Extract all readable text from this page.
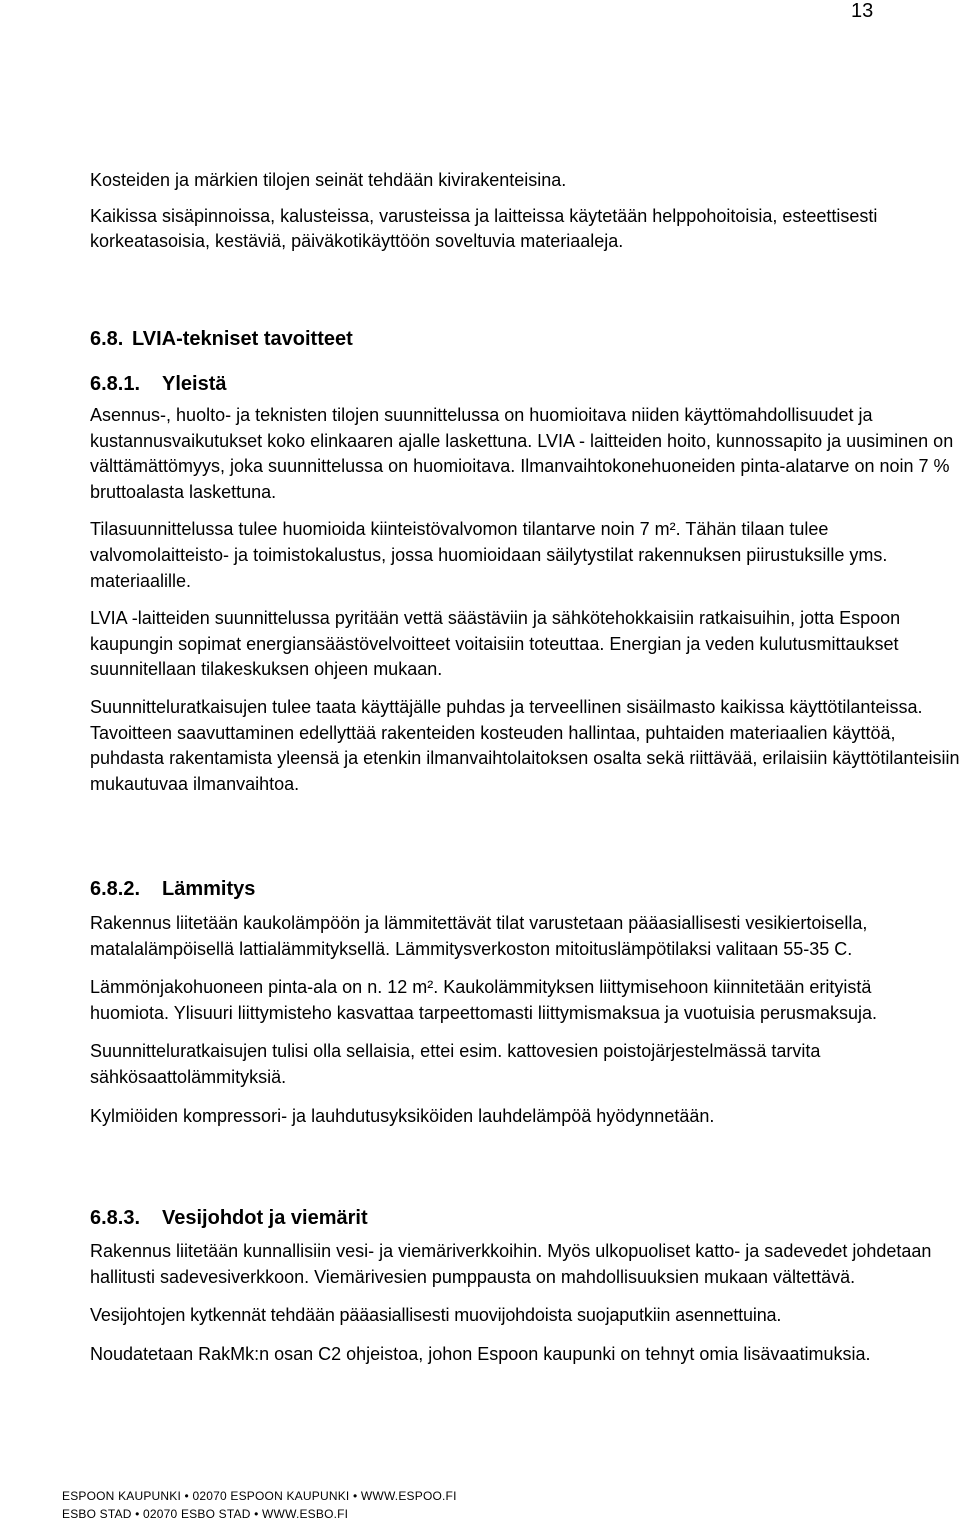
13

Kosteiden ja märkien tilojen seinät tehdään kivirakenteisina.

Kaikissa sisäpinnoissa, kalusteissa, varusteissa ja laitteissa käytetään helppohoitoisia, esteettisesti korkeatasoisia, kestäviä, päiväkotikäyttöön soveltuvia materiaaleja.

6.8. LVIA-tekniset tavoitteet
6.8.1. Yleistä

Asennus-, huolto- ja teknisten tilojen suunnittelussa on huomioitava niiden käyttömahdollisuudet ja kustannusvaikutukset koko elinkaaren ajalle laskettuna. LVIA - laitteiden hoito, kunnossapito ja uusiminen on välttämättömyys, joka suunnittelussa on huomioitava. Ilmanvaihtokonehuoneiden pinta-alatarve on noin 7 % bruttoalasta laskettuna.

Tilasuunnittelussa tulee huomioida kiinteistövalvomon tilantarve noin 7 m². Tähän tilaan tulee valvomolaitteisto- ja toimistokalustus, jossa huomioidaan säilytystilat rakennuksen piirustuksille yms. materiaalille.

LVIA -laitteiden suunnittelussa pyritään vettä säästäviin ja sähkötehokkaisiin ratkaisuihin, jotta Espoon kaupungin sopimat energiansäästövelvoitteet voitaisiin toteuttaa. Energian ja veden kulutusmittaukset suunnitellaan tilakeskuksen ohjeen mukaan.

Suunnitteluratkaisujen tulee taata käyttäjälle puhdas ja terveellinen sisäilmasto kaikissa käyttötilanteissa. Tavoitteen saavuttaminen edellyttää rakenteiden kosteuden hallintaa, puhtaiden materiaalien käyttöä, puhdasta rakentamista yleensä ja etenkin ilmanvaihtolaitoksen osalta sekä riittävää, erilaisiin käyttötilanteisiin mukautuvaa ilmanvaihtoa.

6.8.2. Lämmitys

Rakennus liitetään kaukolämpöön ja lämmitettävät tilat varustetaan pääasiallisesti vesikiertoisella, matalalämpöisellä lattialämmityksellä. Lämmitysverkoston mitoituslämpötilaksi valitaan 55-35 C.

Lämmönjakohuoneen pinta-ala on n. 12 m². Kaukolämmityksen liittymisehoon kiinnitetään erityistä huomiota. Ylisuuri liittymisteho kasvattaa tarpeettomasti liittymismaksua ja vuotuisia perusmaksuja.

Suunnitteluratkaisujen tulisi olla sellaisia, ettei esim. kattovesien poistojärjestelmässä tarvita sähkösaattolämmityksiä.

Kylmiöiden kompressori- ja lauhdutusyksiköiden lauhdelämpöä hyödynnetään.

6.8.3. Vesijohdot ja viemärit

Rakennus liitetään kunnallisiin vesi- ja viemäriverkkoihin. Myös ulkopuoliset katto- ja sadevedet johdetaan hallitusti sadevesiverkkoon. Viemärivesien pumppausta on mahdollisuuksien mukaan vältettävä.

Vesijohtojen kytkennät tehdään pääasiallisesti muovijohdoista suojaputkiin asennettuina.

Noudatetaan RakMk:n osan C2 ohjeistoa, johon Espoon kaupunki on tehnyt omia lisävaatimuksia.

ESPOON KAUPUNKI • 02070 ESPOON KAUPUNKI • WWW.ESPOO.FI
ESBO STAD • 02070 ESBO STAD • WWW.ESBO.FI
